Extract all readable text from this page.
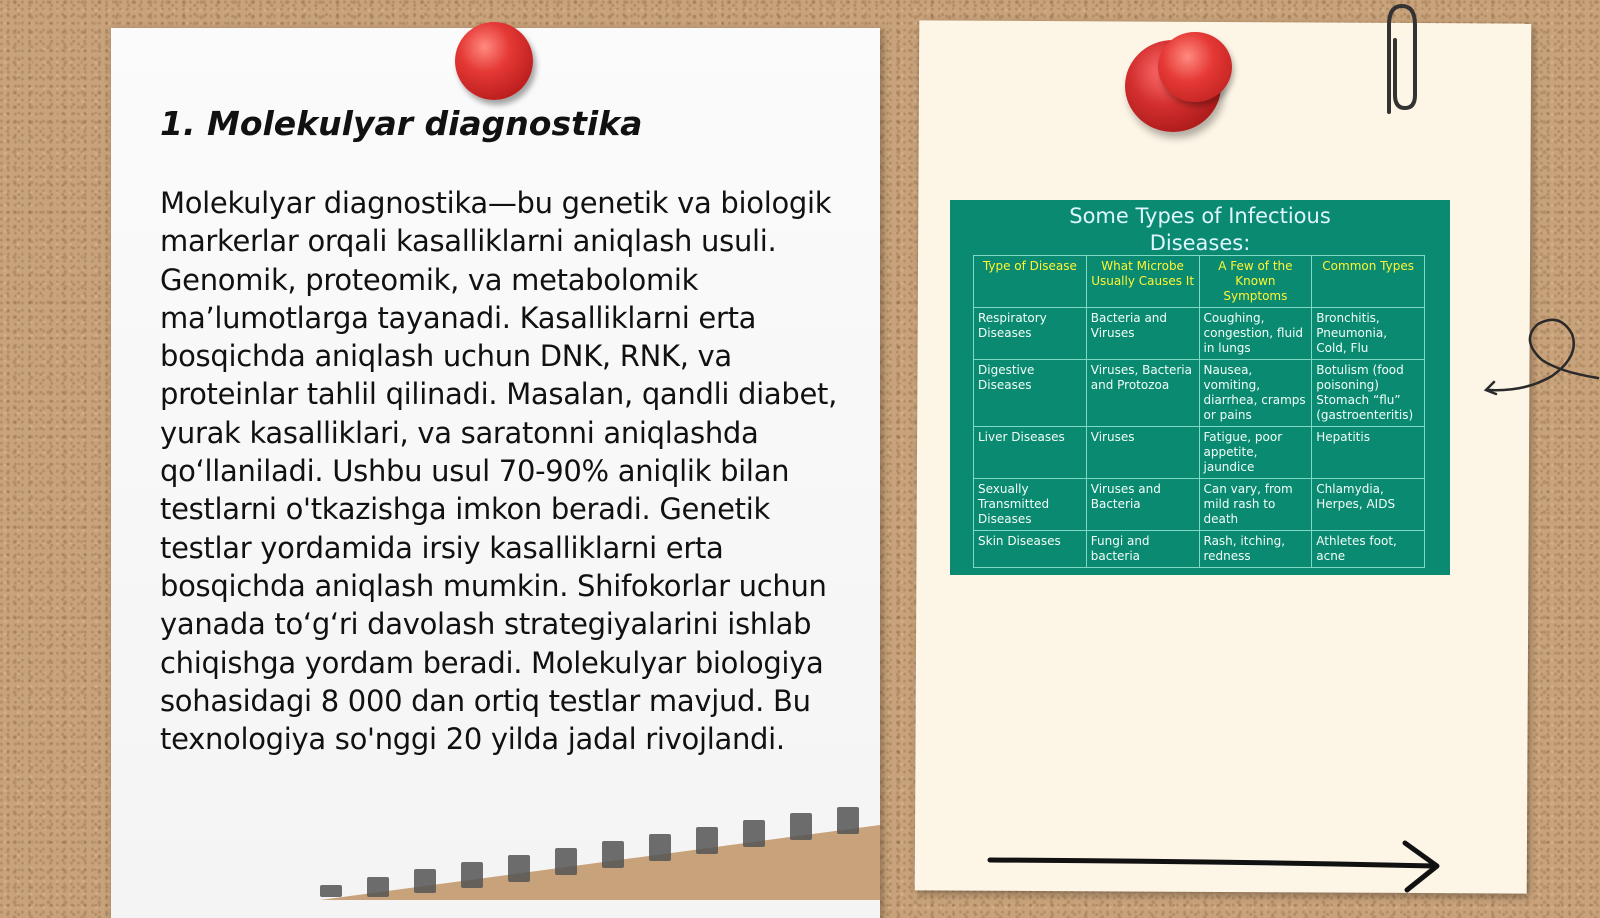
1. Molekulyar diagnostika

Molekulyar diagnostika—bu genetik va biologik markerlar orqali kasalliklarni aniqlash usuli. Genomik, proteomik, va metabolomik ma’lumotlarga tayanadi. Kasalliklarni erta bosqichda aniqlash uchun DNK, RNK, va proteinlar tahlil qilinadi. Masalan, qandli diabet, yurak kasalliklari, va saratonni aniqlashda qo‘llaniladi. Ushbu usul 70-90% aniqlik bilan testlarni o'tkazishga imkon beradi. Genetik testlar yordamida irsiy kasalliklarni erta bosqichda aniqlash mumkin. Shifokorlar uchun yanada to‘g‘ri davolash strategiyalarini ishlab chiqishga yordam beradi. Molekulyar biologiya sohasidagi 8 000 dan ortiq testlar mavjud. Bu texnologiya so'nggi 20 yilda jadal rivojlandi.

Some Types of Infectious Diseases:
Type of Disease	What Microbe Usually Causes It	A Few of the Known Symptoms	Common Types
Respiratory Diseases	Bacteria and Viruses	Coughing, congestion, fluid in lungs	Bronchitis, Pneumonia, Cold, Flu
Digestive Diseases	Viruses, Bacteria and Protozoa	Nausea, vomiting, diarrhea, cramps or pains	Botulism (food poisoning) Stomach “flu” (gastroenteritis)
Liver Diseases	Viruses	Fatigue, poor appetite, jaundice	Hepatitis
Sexually Transmitted Diseases	Viruses and Bacteria	Can vary, from mild rash to death	Chlamydia, Herpes, AIDS
Skin Diseases	Fungi and bacteria	Rash, itching, redness	Athletes foot, acne
